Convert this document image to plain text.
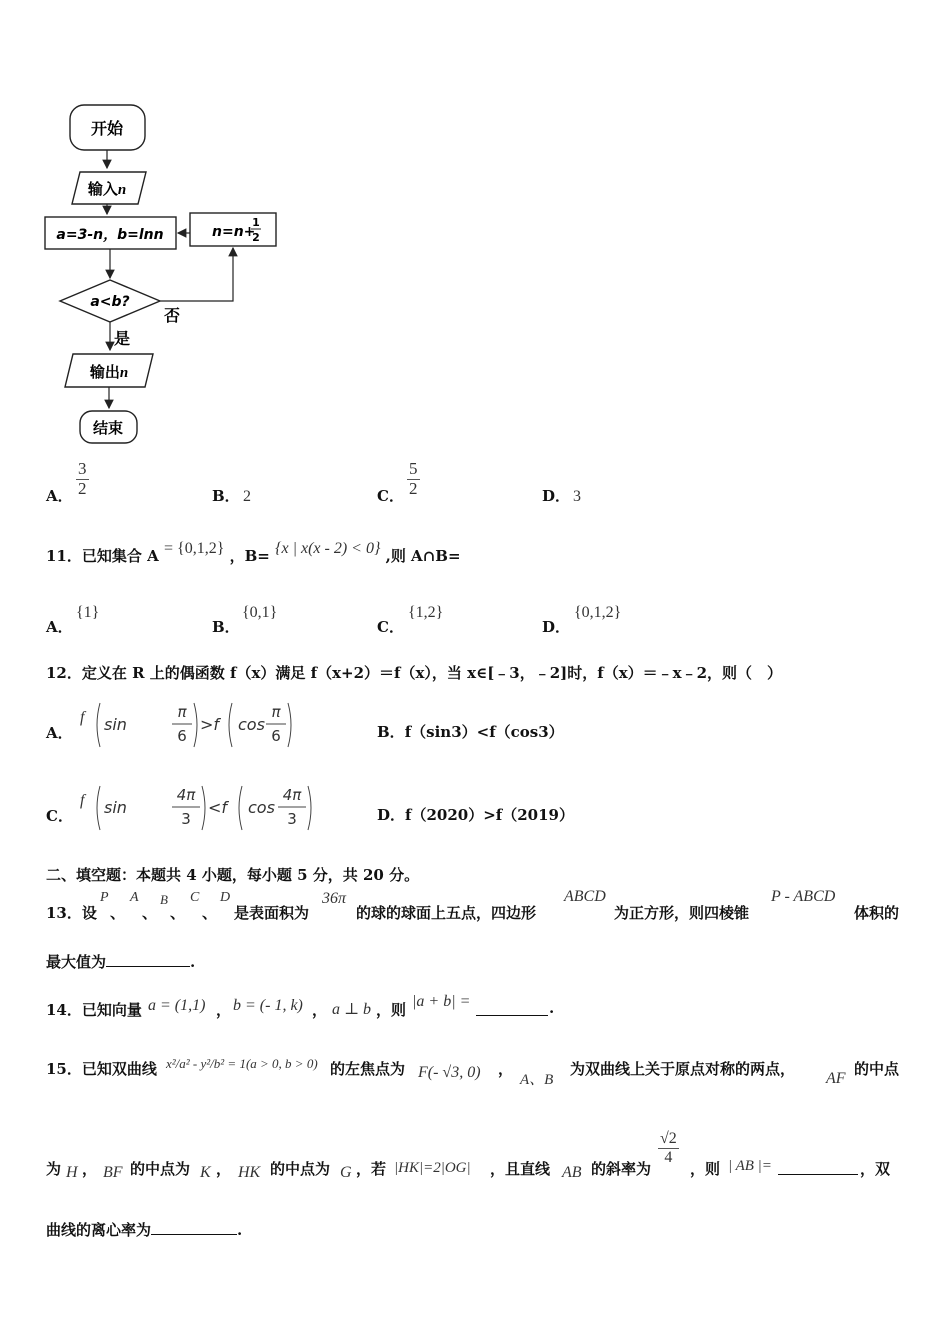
开始
输入n
a=3-n，b=lnn	n=n+
1
2
a<b?
否
是
输出n
结束
A． $\frac{3}{2}$	B． 2	C． $\frac{5}{2}$	D． 3
11．已知集合 A = {0,1,2} ，B= {x | x(x - 2) < 0} ,则 A∩B=
A．
{1}
B．
{0,1}
C．
{1,2}
D．
{0,1,2}
12．定义在 R 上的偶函数 f（x）满足 f（x+2）＝f（x），当 x∈[﹣3，﹣2]时，f（x）＝﹣x﹣2，则（　）
A．
f sin
π
6
>f cos
π
6	B．f（sin3）<f（cos3）
C．
f sin
4π
3
<f cos
4π
3	D．f（2020）>f（2019）
二、填空题：本题共 4 小题，每小题 5 分，共 20 分。
13．设
P
、
A
、
B
、
C
、
D
是表面积为
36π
的球的球面上五点，四边形
ABCD
为正方形，则四棱锥
P - ABCD
体积的
最大值为	.
14．已知向量 a = (1,1) ， b = (- 1, k) ， a ⊥ b ，则 |a + b| =	.
15．已知双曲线 x²/a² - y²/b² = 1(a > 0, b > 0) 的左焦点为 F(- √3, 0) ，
A、B
为双曲线上关于原点对称的两点，
AF
的中点
为 H ， BF 的中点为 K ， HK 的中点为 G ，若 |HK|=2|OG| ，且直线 AB 的斜率为
$\frac{√2}{4}$
，则 | AB |=	，双
曲线的离心率为	.
